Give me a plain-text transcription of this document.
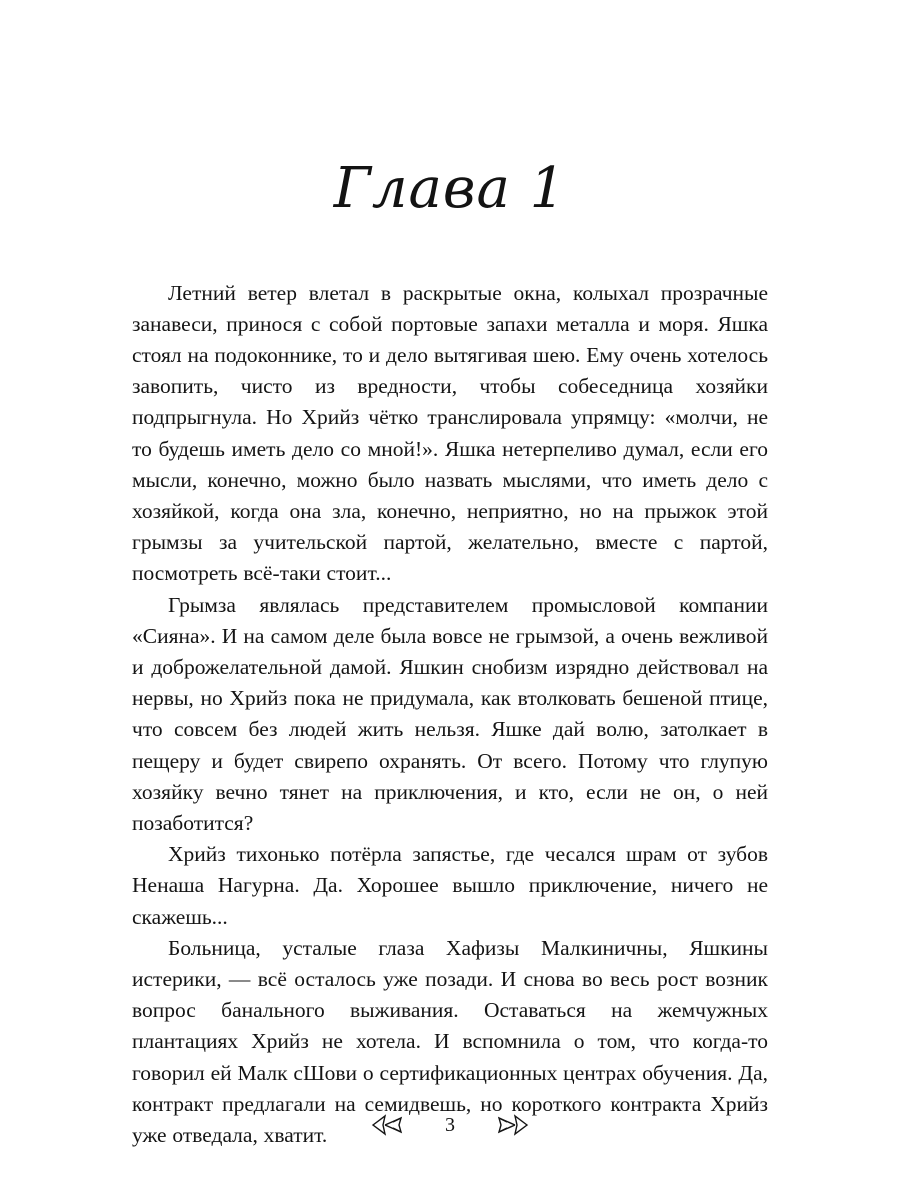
Глава 1

Летний ветер влетал в раскрытые окна, колыхал прозрачные занавеси, принося с собой портовые запахи металла и моря. Яшка стоял на подоконнике, то и дело вытягивая шею. Ему очень хотелось завопить, чисто из вредности, чтобы собеседница хозяйки подпрыгнула. Но Хрийз чётко транслировала упрямцу: «молчи, не то будешь иметь дело со мной!». Яшка нетерпеливо думал, если его мысли, конечно, можно было назвать мыслями, что иметь дело с хозяйкой, когда она зла, конечно, неприятно, но на прыжок этой грымзы за учительской партой, желательно, вместе с партой, посмотреть всё-таки стоит...

Грымза являлась представителем промысловой компании «Сияна». И на самом деле была вовсе не грымзой, а очень вежливой и доброжелательной дамой. Яшкин снобизм изрядно действовал на нервы, но Хрийз пока не придумала, как втолковать бешеной птице, что совсем без людей жить нельзя. Яшке дай волю, затолкает в пещеру и будет свирепо охранять. От всего. Потому что глупую хозяйку вечно тянет на приключения, и кто, если не он, о ней позаботится?

Хрийз тихонько потёрла запястье, где чесался шрам от зубов Ненаша Нагурна. Да. Хорошее вышло приключение, ничего не скажешь...

Больница, усталые глаза Хафизы Малкиничны, Яшкины истерики, — всё осталось уже позади. И снова во весь рост возник вопрос банального выживания. Оставаться на жемчужных плантациях Хрийз не хотела. И вспомнила о том, что когда-то говорил ей Малк сШови о сертификационных центрах обучения. Да, контракт предлагали на семидвешь, но короткого контракта Хрийз уже отведала, хватит.	3
